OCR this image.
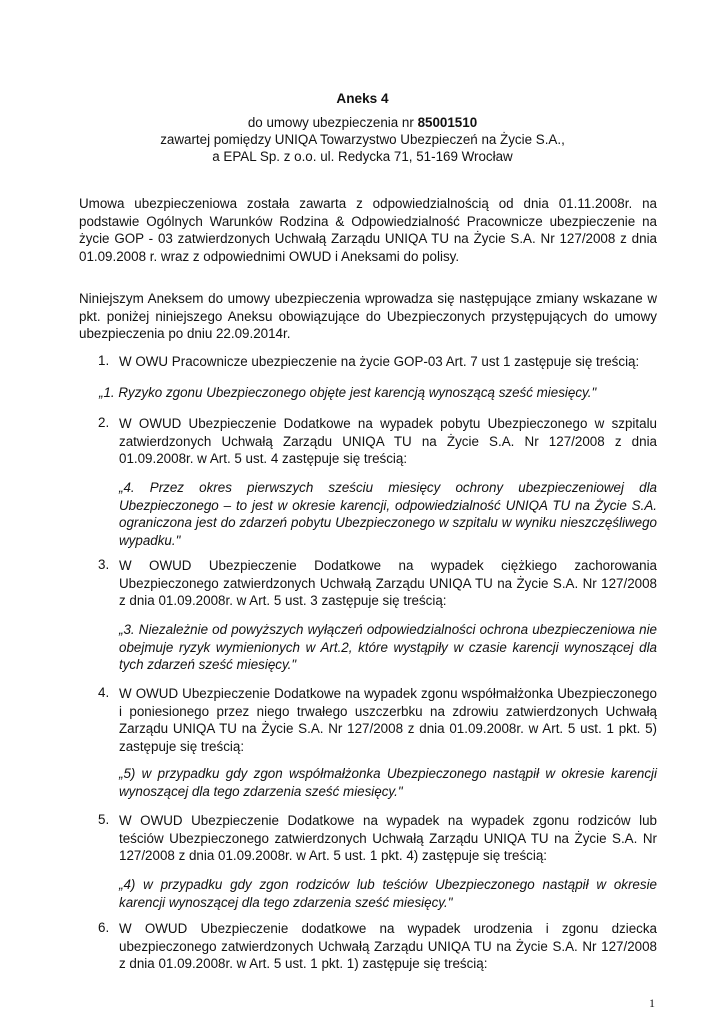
Aneks 4
do umowy ubezpieczenia nr 85001510
zawartej pomiędzy UNIQA Towarzystwo Ubezpieczeń na Życie S.A.,
a EPAL Sp. z o.o. ul. Redycka 71, 51-169 Wrocław

Umowa ubezpieczeniowa została zawarta z odpowiedzialnością od dnia 01.11.2008r. na podstawie Ogólnych Warunków Rodzina & Odpowiedzialność Pracownicze ubezpieczenie na życie GOP - 03 zatwierdzonych Uchwałą Zarządu UNIQA TU na Życie S.A. Nr 127/2008 z dnia 01.09.2008 r. wraz z odpowiednimi OWUD i Aneksami do polisy.

Niniejszym Aneksem do umowy ubezpieczenia wprowadza się następujące zmiany wskazane w pkt. poniżej niniejszego Aneksu obowiązujące do Ubezpieczonych przystępujących do umowy ubezpieczenia po dniu 22.09.2014r.

1. W OWU Pracownicze ubezpieczenie na życie GOP-03 Art. 7 ust 1 zastępuje się treścią:

„1. Ryzyko zgonu Ubezpieczonego objęte jest karencją wynoszącą sześć miesięcy."

2. W OWUD Ubezpieczenie Dodatkowe na wypadek pobytu Ubezpieczonego w szpitalu zatwierdzonych Uchwałą Zarządu UNIQA TU na Życie S.A. Nr 127/2008 z dnia 01.09.2008r. w Art. 5 ust. 4 zastępuje się treścią:

„4. Przez okres pierwszych sześciu miesięcy ochrony ubezpieczeniowej dla Ubezpieczonego – to jest w okresie karencji, odpowiedzialność UNIQA TU na Życie S.A. ograniczona jest do zdarzeń pobytu Ubezpieczonego w szpitalu w wyniku nieszczęśliwego wypadku."

3. W OWUD Ubezpieczenie Dodatkowe na wypadek ciężkiego zachorowania Ubezpieczonego zatwierdzonych Uchwałą Zarządu UNIQA TU na Życie S.A. Nr 127/2008 z dnia 01.09.2008r. w Art. 5 ust. 3 zastępuje się treścią:

„3. Niezależnie od powyższych wyłączeń odpowiedzialności ochrona ubezpieczeniowa nie obejmuje ryzyk wymienionych w Art.2, które wystąpiły w czasie karencji wynoszącej dla tych zdarzeń sześć miesięcy."

4. W OWUD Ubezpieczenie Dodatkowe na wypadek zgonu współmałżonka Ubezpieczonego i poniesionego przez niego trwałego uszczerbku na zdrowiu zatwierdzonych Uchwałą Zarządu UNIQA TU na Życie S.A. Nr 127/2008 z dnia 01.09.2008r. w Art. 5 ust. 1 pkt. 5) zastępuje się treścią:

„5) w przypadku gdy zgon współmałżonka Ubezpieczonego nastąpił w okresie karencji wynoszącej dla tego zdarzenia sześć miesięcy."

5. W OWUD Ubezpieczenie Dodatkowe na wypadek na wypadek zgonu rodziców lub teściów Ubezpieczonego zatwierdzonych Uchwałą Zarządu UNIQA TU na Życie S.A. Nr 127/2008 z dnia 01.09.2008r. w Art. 5 ust. 1 pkt. 4) zastępuje się treścią:

„4) w przypadku gdy zgon rodziców lub teściów Ubezpieczonego nastąpił w okresie karencji wynoszącej dla tego zdarzenia sześć miesięcy."

6. W OWUD Ubezpieczenie dodatkowe na wypadek urodzenia i zgonu dziecka ubezpieczonego zatwierdzonych Uchwałą Zarządu UNIQA TU na Życie S.A. Nr 127/2008 z dnia 01.09.2008r. w Art. 5 ust. 1 pkt. 1) zastępuje się treścią:

1
